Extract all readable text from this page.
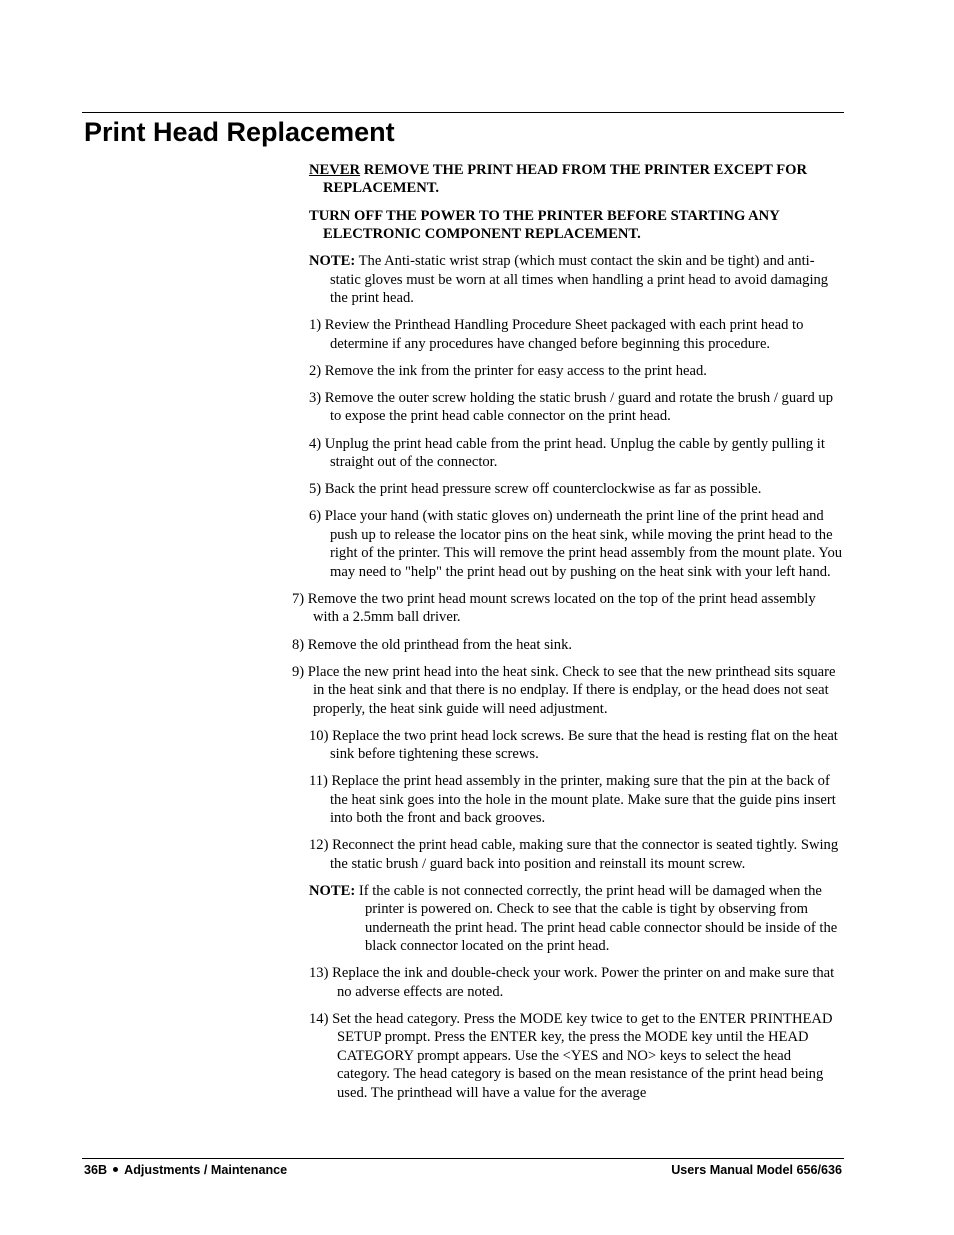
Print Head Replacement

NEVER REMOVE THE PRINT HEAD FROM THE PRINTER EXCEPT FOR REPLACEMENT.

TURN OFF THE POWER TO THE PRINTER BEFORE STARTING ANY ELECTRONIC COMPONENT REPLACEMENT.

NOTE: The Anti-static wrist strap (which must contact the skin and be tight) and anti-static gloves must be worn at all times when handling a print head to avoid damaging the print head.

1) Review the Printhead Handling Procedure Sheet packaged with each print head to determine if any procedures have changed before beginning this procedure.

2) Remove the ink from the printer for easy access to the print head.

3) Remove the outer screw holding the static brush / guard and rotate the brush / guard up to expose the print head cable connector on the print head.

4) Unplug the print head cable from the print head. Unplug the cable by gently pulling it straight out of the connector.

5) Back the print head pressure screw off counterclockwise as far as possible.

6) Place your hand (with static gloves on) underneath the print line of the print head and push up to release the locator pins on the heat sink, while moving the print head to the right of the printer. This will remove the print head assembly from the mount plate. You may need to "help" the print head out by pushing on the heat sink with your left hand.

7) Remove the two print head mount screws located on the top of the print head assembly with a 2.5mm ball driver.

8) Remove the old printhead from the heat sink.

9) Place the new print head into the heat sink. Check to see that the new printhead sits square in the heat sink and that there is no endplay. If there is endplay, or the head does not seat properly, the heat sink guide will need adjustment.

10) Replace the two print head lock screws. Be sure that the head is resting flat on the heat sink before tightening these screws.

11) Replace the print head assembly in the printer, making sure that the pin at the back of the heat sink goes into the hole in the mount plate. Make sure that the guide pins insert into both the front and back grooves.

12) Reconnect the print head cable, making sure that the connector is seated tightly. Swing the static brush / guard back into position and reinstall its mount screw.

NOTE: If the cable is not connected correctly, the print head will be damaged when the printer is powered on. Check to see that the cable is tight by observing from underneath the print head. The print head cable connector should be inside of the black connector located on the print head.

13) Replace the ink and double-check your work. Power the printer on and make sure that no adverse effects are noted.

14) Set the head category. Press the MODE key twice to get to the ENTER PRINTHEAD SETUP prompt. Press the ENTER key, the press the MODE key until the HEAD CATEGORY prompt appears. Use the <YES and NO> keys to select the head category. The head category is based on the mean resistance of the print head being used. The printhead will have a value for the average

36B Adjustments / Maintenance	Users Manual Model 656/636
